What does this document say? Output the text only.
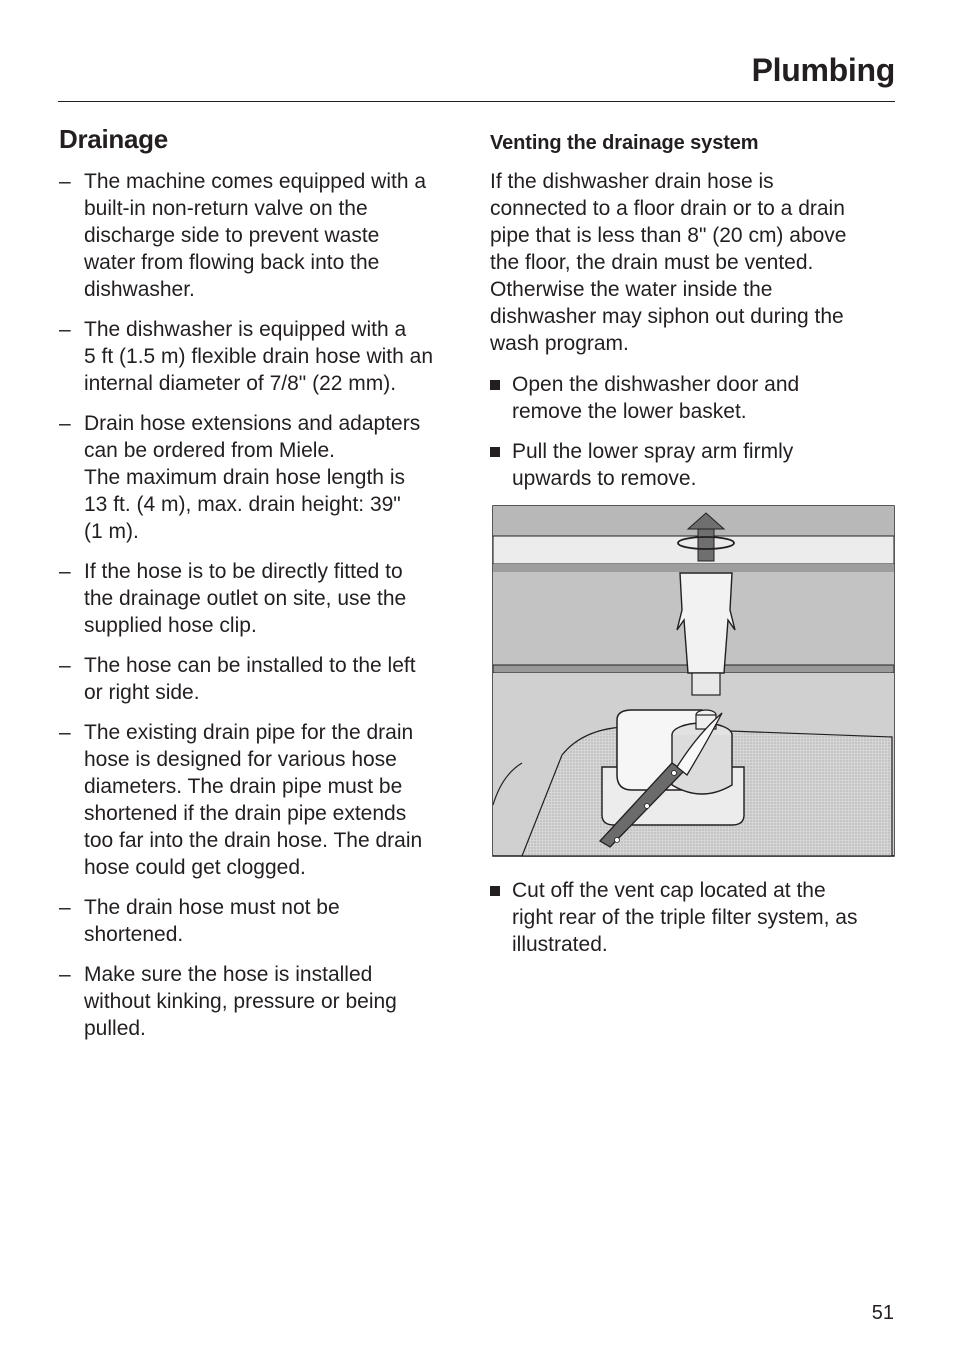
Plumbing
Drainage
– The machine comes equipped with a
built-in non-return valve on the
discharge side to prevent waste
water from flowing back into the
dishwasher.
– The dishwasher is equipped with a
5 ft (1.5 m) flexible drain hose with an
internal diameter of 7/8" (22 mm).
– Drain hose extensions and adapters
can be ordered from Miele.
The maximum drain hose length is
13 ft. (4 m), max. drain height: 39"
(1 m).
– If the hose is to be directly fitted to
the drainage outlet on site, use the
supplied hose clip.
– The hose can be installed to the left
or right side.
– The existing drain pipe for the drain
hose is designed for various hose
diameters. The drain pipe must be
shortened if the drain pipe extends
too far into the drain hose. The drain
hose could get clogged.
– The drain hose must not be
shortened.
– Make sure the hose is installed
without kinking, pressure or being
pulled.
Venting the drainage system

If the dishwasher drain hose is
connected to a floor drain or to a drain
pipe that is less than 8" (20 cm) above
the floor, the drain must be vented.
Otherwise the water inside the
dishwasher may siphon out during the
wash program.

Open the dishwasher door and
remove the lower basket.
Pull the lower spray arm firmly
upwards to remove.
Cut off the vent cap located at the
right rear of the triple filter system, as
illustrated.
51
